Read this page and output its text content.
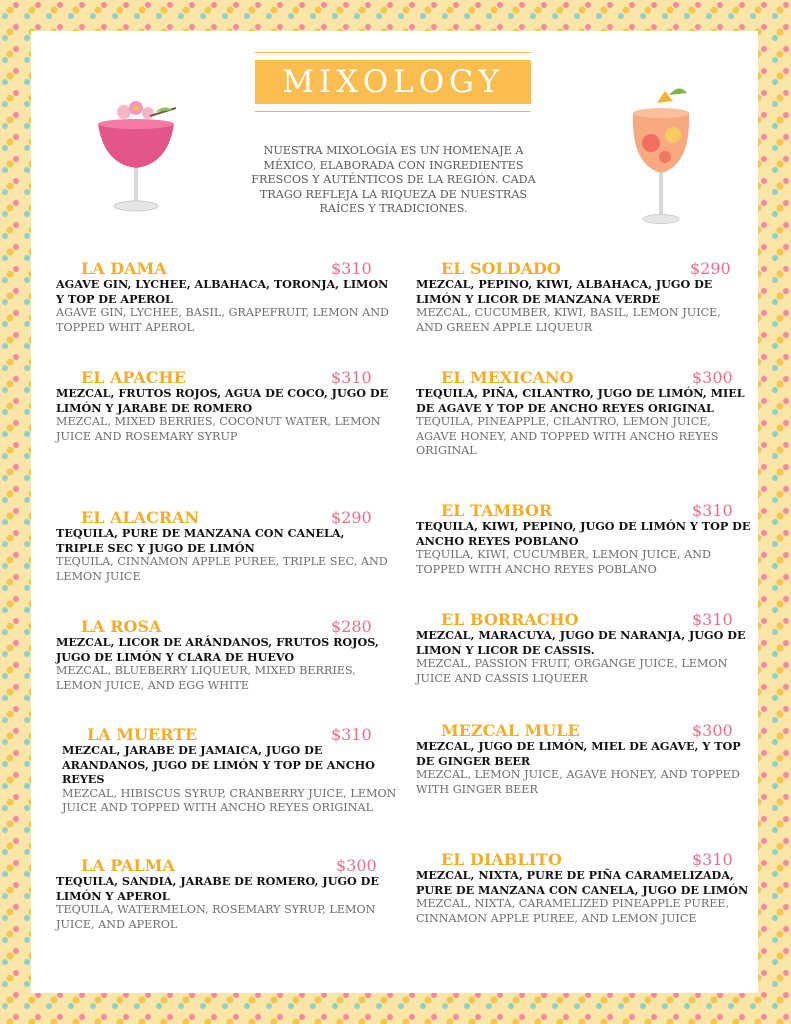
MIXOLOGY
NUESTRA MIXOLOGÍA ES UN HOMENAJE A MÉXICO, ELABORADA CON INGREDIENTES FRESCOS Y AUTÉNTICOS DE LA REGIÓN. CADA TRAGO REFLEJA LA RIQUEZA DE NUESTRAS RAÍCES Y TRADICIONES.
LA DAMA	$310
AGAVE GIN, LYCHEE, ALBAHACA, TORONJA, LIMON Y TOP DE APEROL
AGAVE GIN, LYCHEE, BASIL, GRAPEFRUIT, LEMON AND TOPPED WHIT APEROL
EL APACHE	$310
MEZCAL, FRUTOS ROJOS, AGUA DE COCO, JUGO DE LIMÓN Y JARABE DE ROMERO
MEZCAL, MIXED BERRIES, COCONUT WATER, LEMON JUICE AND ROSEMARY SYRUP
EL ALACRAN	$290
TEQUILA, PURE DE MANZANA CON CANELA, TRIPLE SEC Y JUGO DE LIMÓN
TEQUILA, CINNAMON APPLE PUREE, TRIPLE SEC, AND LEMON JUICE
LA ROSA	$280
MEZCAL, LICOR DE ARÁNDANOS, FRUTOS ROJOS, JUGO DE LIMÓN Y CLARA DE HUEVO
MEZCAL, BLUEBERRY LIQUEUR, MIXED BERRIES, LEMON JUICE, AND EGG WHITE
LA MUERTE	$310
MEZCAL, JARABE DE JAMAICA, JUGO DE ARANDANOS, JUGO DE LIMÓN Y TOP DE ANCHO REYES
MEZCAL, HIBISCUS SYRUP, CRANBERRY JUICE, LEMON JUICE AND TOPPED WITH ANCHO REYES ORIGINAL
LA PALMA	$300
TEQUILA, SANDIA, JARABE DE ROMERO, JUGO DE LIMÓN Y APEROL
TEQUILA, WATERMELON, ROSEMARY SYRUP, LEMON JUICE, AND APEROL
EL SOLDADO	$290
MEZCAL, PEPINO, KIWI, ALBAHACA, JUGO DE LIMÓN Y LICOR DE MANZANA VERDE
MEZCAL, CUCUMBER, KIWI, BASIL, LEMON JUICE, AND GREEN APPLE LIQUEUR
EL MEXICANO	$300
TEQUILA, PIÑA, CILANTRO, JUGO DE LIMÓN, MIEL DE AGAVE Y TOP DE ANCHO REYES ORIGINAL
TEQUILA, PINEAPPLE, CILANTRO, LEMON JUICE, AGAVE HONEY, AND TOPPED WITH ANCHO REYES ORIGINAL
EL TAMBOR	$310
TEQUILA, KIWI, PEPINO, JUGO DE LIMÓN Y TOP DE ANCHO REYES POBLANO
TEQUILA, KIWI, CUCUMBER, LEMON JUICE, AND TOPPED WITH ANCHO REYES POBLANO
EL BORRACHO	$310
MEZCAL, MARACUYA, JUGO DE NARANJA, JUGO DE LIMON Y LICOR DE CASSIS.
MEZCAL, PASSION FRUIT, ORGANGE JUICE, LEMON JUICE AND CASSIS LIQUEER
MEZCAL MULE	$300
MEZCAL, JUGO DE LIMÓN, MIEL DE AGAVE, Y TOP DE GINGER BEER
MEZCAL, LEMON JUICE, AGAVE HONEY, AND TOPPED WITH GINGER BEER
EL DIABLITO	$310
MEZCAL, NIXTA, PURE DE PIÑA CARAMELIZADA, PURE DE MANZANA CON CANELA, JUGO DE LIMÓN
MEZCAL, NIXTA, CARAMELIZED PINEAPPLE PUREE, CINNAMON APPLE PUREE, AND LEMON JUICE
